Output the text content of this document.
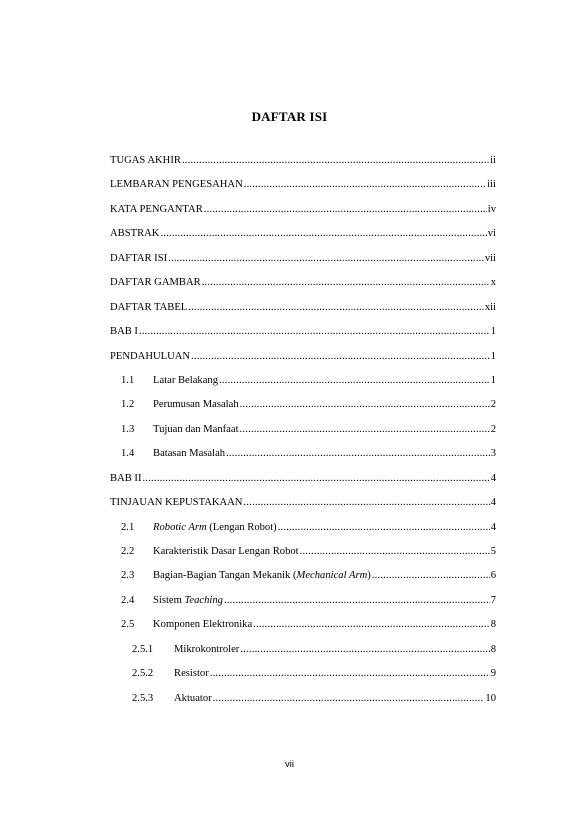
DAFTAR ISI
TUGAS AKHIR .....	ii
LEMBARAN PENGESAHAN .....	iii
KATA PENGANTAR .....	iv
ABSTRAK .....	vi
DAFTAR ISI .....	vii
DAFTAR GAMBAR .....	x
DAFTAR TABEL .....	xii
BAB I .....	1
PENDAHULUAN .....	1
1.1	Latar Belakang .....	1
1.2	Perumusan Masalah .....	2
1.3	Tujuan dan Manfaat .....	2
1.4	Batasan Masalah .....	3
BAB II .....	4
TINJAUAN KEPUSTAKAAN .....	4
2.1	Robotic Arm (Lengan Robot) .....	4
2.2	Karakteristik Dasar Lengan Robot .....	5
2.3	Bagian-Bagian Tangan Mekanik (Mechanical Arm) .....	6
2.4	Sistem Teaching .....	7
2.5	Komponen Elektronika .....	8
2.5.1	Mikrokontroler .....	8
2.5.2	Resistor .....	9
2.5.3	Aktuator .....	10
vii
